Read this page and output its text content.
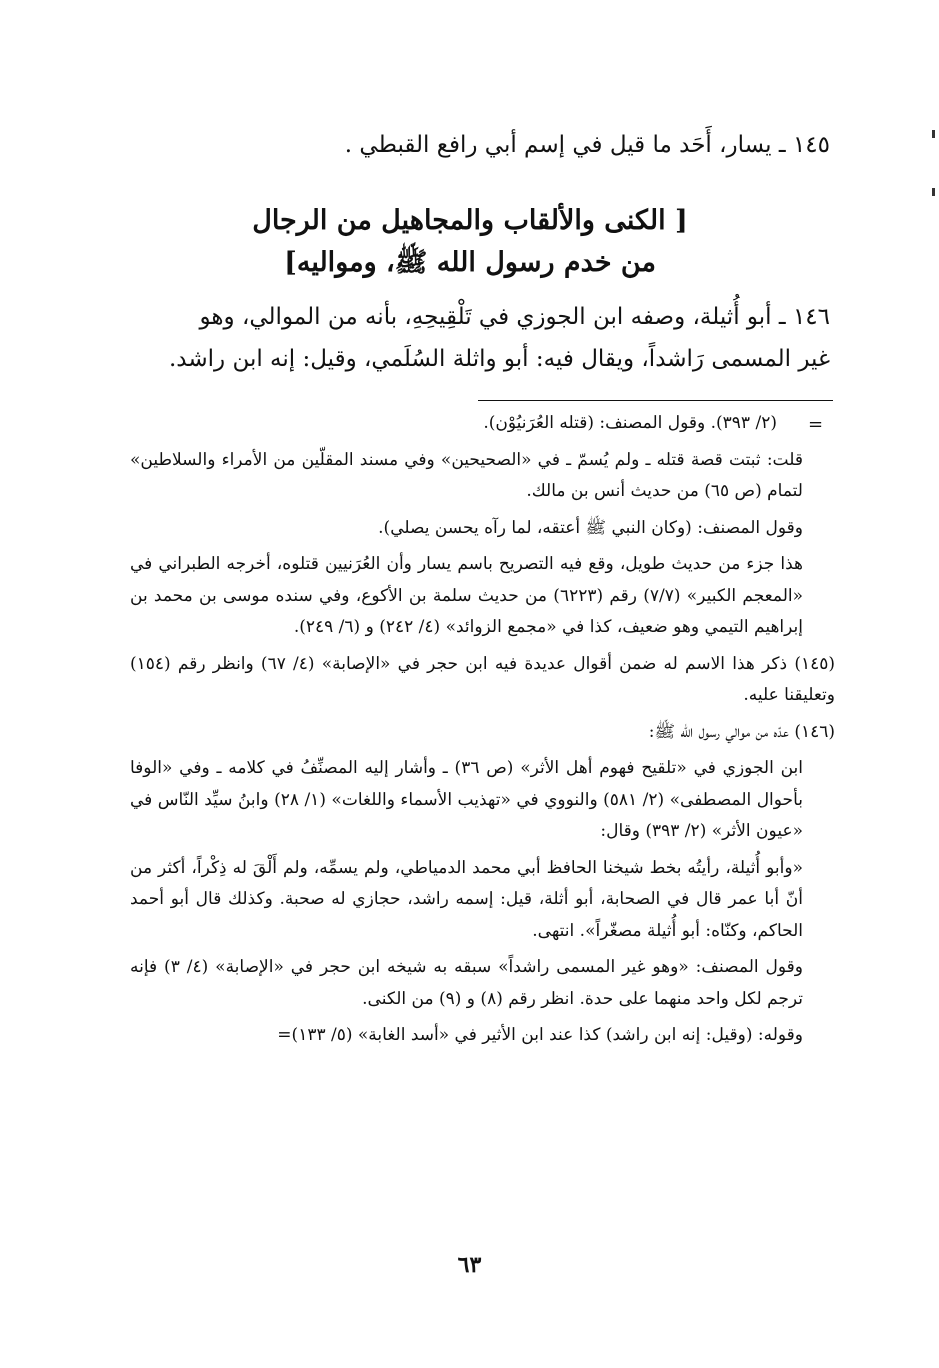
١٤٥ ـ يسار، أَحَد ما قيل في إسم أبي رافع القبطي .
[ الكنى والألقاب والمجاهيل من الرجال
من خدم رسول الله ﷺ، ومواليه]
١٤٦ ـ أبو أُثيلة، وصفه ابن الجوزي في تَلْقِيحِهِ، بأنه من الموالي، وهو
غير المسمى رَاشداً، ويقال فيه: أبو واثلة السُلَمي، وقيل: إنه ابن راشد.
=

(٢/ ٣٩٣). وقول المصنف: (قتله العُرَنيُوْن).

قلت: ثبتت قصة قتله ـ ولم يُسمّ ـ في «الصحيحين» وفي مسند المقلّين من الأمراء والسلاطين» لتمام (ص ٦٥) من حديث أنس بن مالك.

وقول المصنف: (وكان النبي ﷺ أعتقه، لما رآه يحسن يصلي).

هذا جزء من حديث طويل، وقع فيه التصريح باسم يسار وأن العُرَنيين قتلوه، أخرجه الطبراني في «المعجم الكبير» (٧/٧) رقم (٦٢٢٣) من حديث سلمة بن الأكوع، وفي سنده موسى بن محمد بن إبراهيم التيمي وهو ضعيف، كذا في «مجمع الزوائد» (٤/ ٢٤٢) و (٦/ ٢٤٩).

(١٤٥) ذكر هذا الاسم له ضمن أقوال عديدة فيه ابن حجر في «الإصابة» (٤/ ٦٧) وانظر رقم (١٥٤) وتعليقنا عليه.

(١٤٦) عدّه من موالي رسول الله ﷺ:

ابن الجوزي في «تلقيح فهوم أهل الأثر» (ص ٣٦) ـ وأشار إليه المصنِّفُ في كلامه ـ وفي «الوفا بأحوال المصطفى» (٢/ ٥٨١) والنووي في «تهذيب الأسماء واللغات» (١/ ٢٨) وابنُ سيِّد النّاس في «عيون الأثر» (٢/ ٣٩٣) وقال:

«وأبو أُثيلة، رأيتُه بخط شيخنا الحافظ أبي محمد الدمياطي، ولم يسمِّه، ولم أَلْقَ له ذِكْراً، أكثر من أنّ أبا عمر قال في الصحابة، أبو أثلة، قيل: إسمه راشد، حجازي له صحبة. وكذلك قال أبو أحمد الحاكم، وكنّاه: أبو أُثيلة مصغّراً». انتهى.

وقول المصنف: «وهو غير المسمى راشداً» سبقه به شيخه ابن حجر في «الإصابة» (٤/ ٣) فإنه ترجم لكل واحد منهما على حدة. انظر رقم (٨) و (٩) من الكنى.

وقوله: (وقيل: إنه ابن راشد) كذا عند ابن الأثير في «أسد الغابة» (٥/ ١٣٣)=

٦٣
